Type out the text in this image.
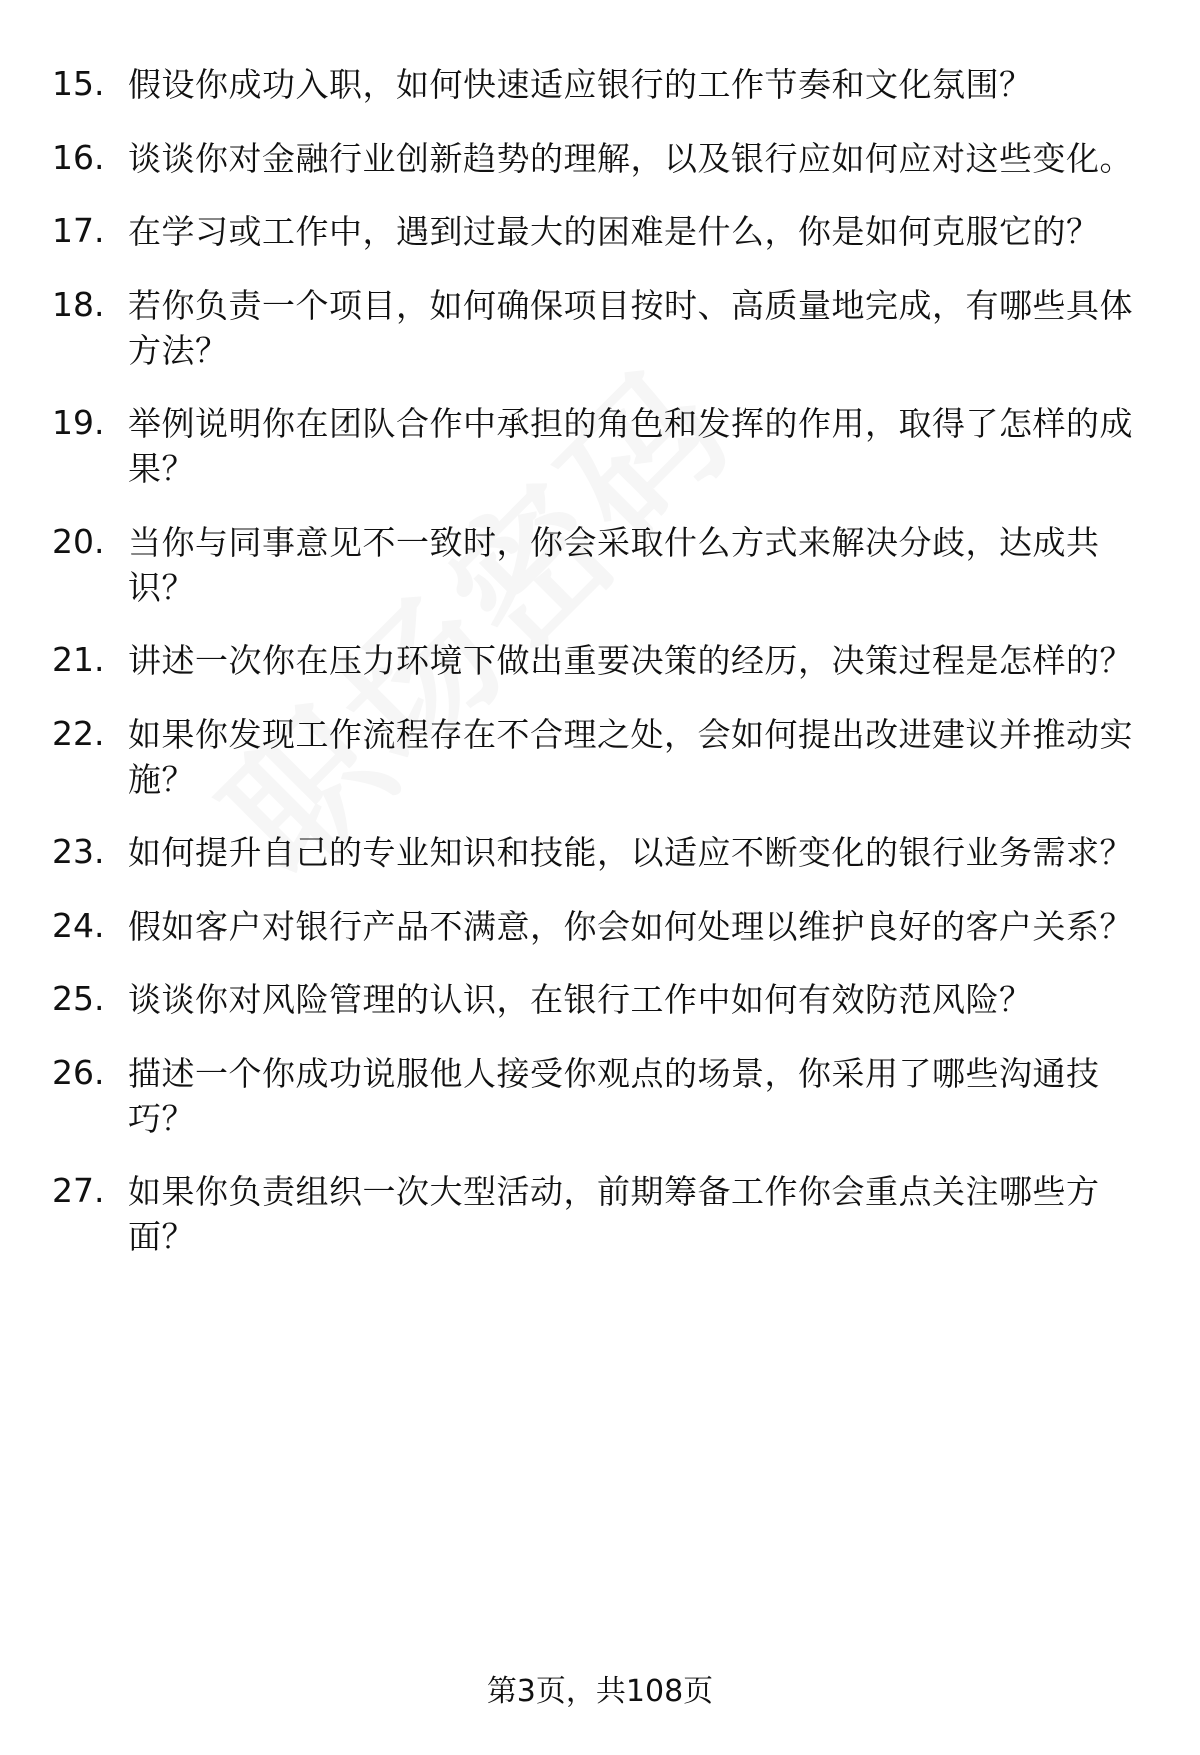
15. 假设你成功入职，如何快速适应银行的工作节奏和文化氛围？
16. 谈谈你对金融行业创新趋势的理解，以及银行应如何应对这些变化。
17. 在学习或工作中，遇到过最大的困难是什么，你是如何克服它的？
18. 若你负责一个项目，如何确保项目按时、高质量地完成，有哪些具体方法？
19. 举例说明你在团队合作中承担的角色和发挥的作用，取得了怎样的成果？
20. 当你与同事意见不一致时，你会采取什么方式来解决分歧，达成共识？
21. 讲述一次你在压力环境下做出重要决策的经历，决策过程是怎样的？
22. 如果你发现工作流程存在不合理之处，会如何提出改进建议并推动实施？
23. 如何提升自己的专业知识和技能，以适应不断变化的银行业务需求？
24. 假如客户对银行产品不满意，你会如何处理以维护良好的客户关系？
25. 谈谈你对风险管理的认识，在银行工作中如何有效防范风险？
26. 描述一个你成功说服他人接受你观点的场景，你采用了哪些沟通技巧？
27. 如果你负责组织一次大型活动，前期筹备工作你会重点关注哪些方面？
第3页，共108页
